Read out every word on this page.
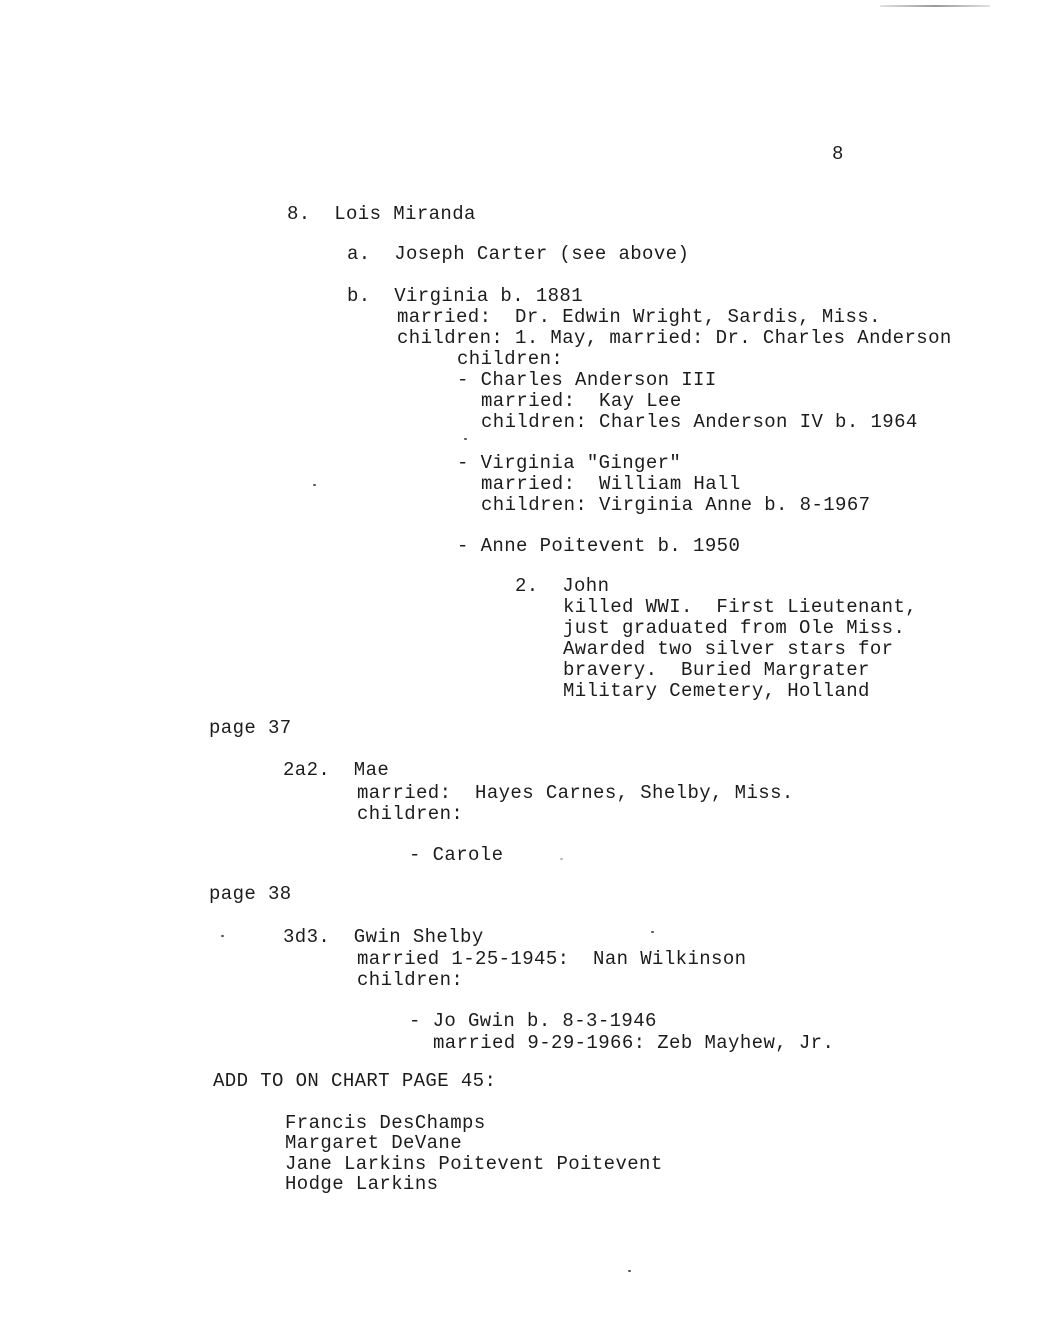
8
8.  Lois Miranda
a.  Joseph Carter (see above)
b.  Virginia b. 1881
married:  Dr. Edwin Wright, Sardis, Miss.
children: 1. May, married: Dr. Charles Anderson
children:
- Charles Anderson III
married:  Kay Lee
children: Charles Anderson IV b. 1964
- Virginia "Ginger"
married:  William Hall
children: Virginia Anne b. 8-1967
- Anne Poitevent b. 1950
2.  John
killed WWI.  First Lieutenant,
just graduated from Ole Miss.
Awarded two silver stars for
bravery.  Buried Margrater
Military Cemetery, Holland
page 37
2a2.  Mae
married:  Hayes Carnes, Shelby, Miss.
children:
- Carole
page 38
3d3.  Gwin Shelby
married 1-25-1945:  Nan Wilkinson
children:
- Jo Gwin b. 8-3-1946
married 9-29-1966: Zeb Mayhew, Jr.
ADD TO ON CHART PAGE 45:
Francis DesChamps
Margaret DeVane
Jane Larkins Poitevent Poitevent
Hodge Larkins
